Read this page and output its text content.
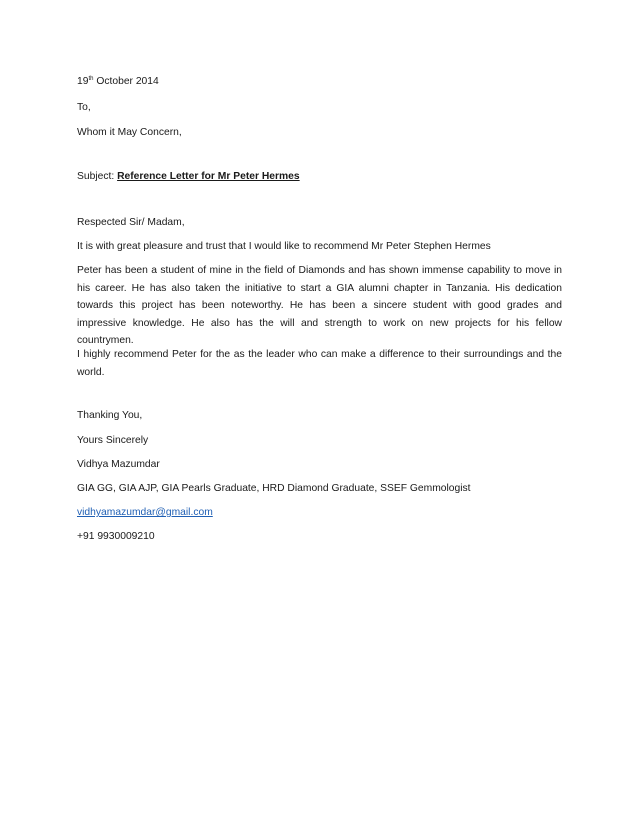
19th October 2014
To,
Whom it May Concern,
Subject: Reference Letter for Mr Peter Hermes
Respected Sir/ Madam,
It is with great pleasure and trust that I would like to recommend Mr Peter Stephen Hermes
Peter has been a student of mine in the field of Diamonds and has shown immense capability to move in his career. He has also taken the initiative to start a GIA alumni chapter in Tanzania. His dedication towards this project has been noteworthy. He has been a sincere student with good grades and impressive knowledge. He also has the will and strength to work on new projects for his fellow countrymen.
I highly recommend Peter for the as the leader who can make a difference to their surroundings and the world.
Thanking You,
Yours Sincerely
Vidhya Mazumdar
GIA GG, GIA AJP, GIA Pearls Graduate, HRD Diamond Graduate, SSEF Gemmologist
vidhyamazumdar@gmail.com
+91 9930009210
